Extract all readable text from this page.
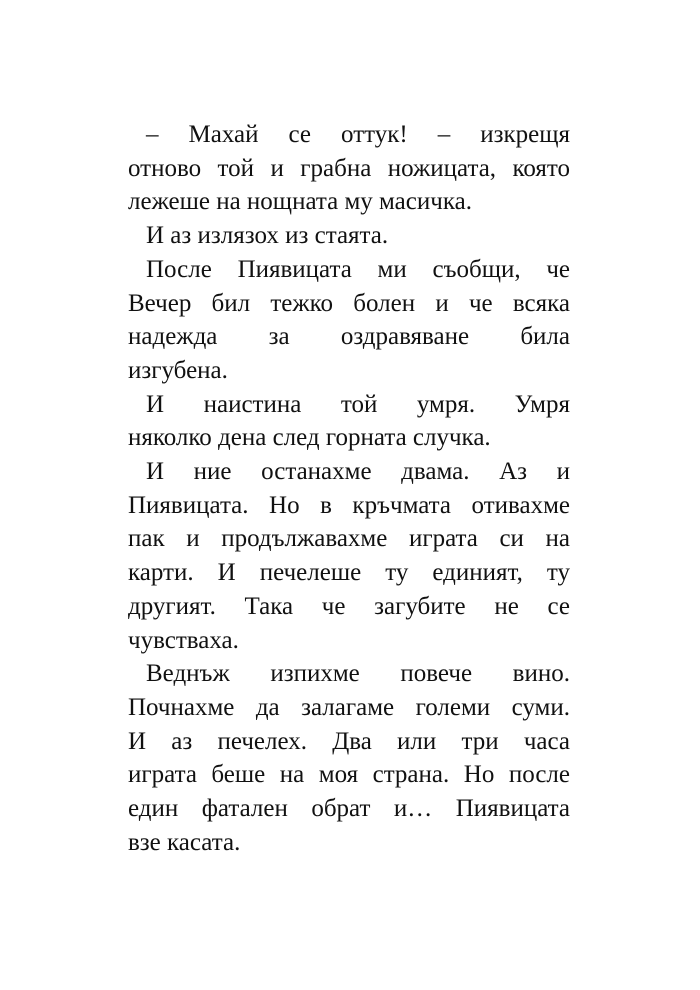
– Махай се оттук! – изкрещя
отново той и грабна ножицата, която
лежеше на нощната му масичка.

И аз излязох из стаята.

После Пиявицата ми съобщи, че
Вечер бил тежко болен и че всяка
надежда за оздравяване била
изгубена.

И наистина той умря. Умря
няколко дена след горната случка.

И ние останахме двама. Аз и
Пиявицата. Но в кръчмата отивахме
пак и продължавахме играта си на
карти. И печелеше ту единият, ту
другият. Така че загубите не се
чувстваха.

Веднъж изпихме повече вино.
Почнахме да залагаме големи суми.
И аз печелех. Два или три часа
играта беше на моя страна. Но после
един фатален обрат и… Пиявицата
взе касата.
